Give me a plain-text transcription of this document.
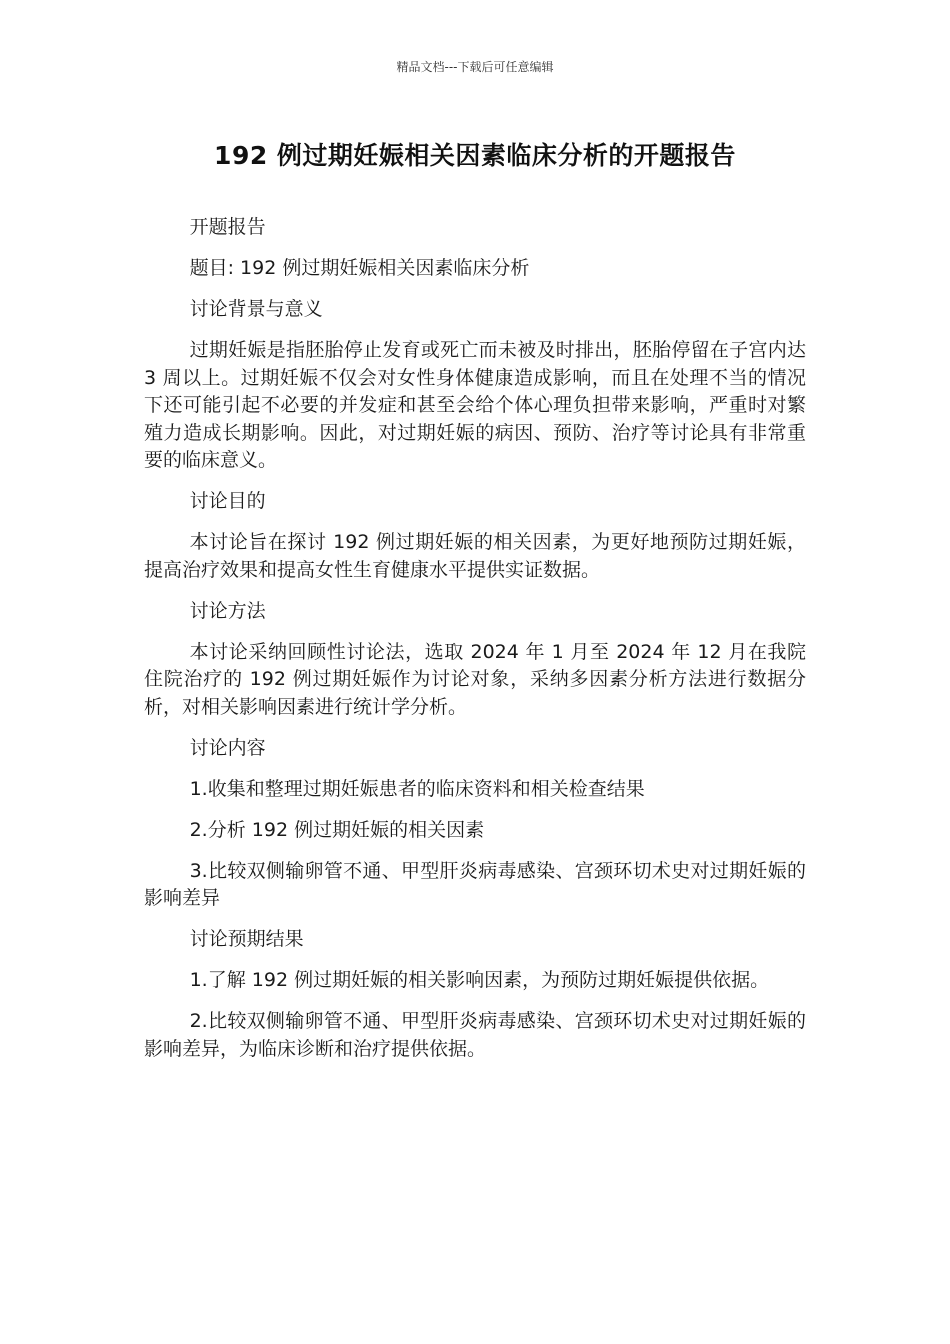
精品文档---下载后可任意编辑
192 例过期妊娠相关因素临床分析的开题报告

开题报告

题目: 192 例过期妊娠相关因素临床分析

讨论背景与意义

过期妊娠是指胚胎停止发育或死亡而未被及时排出，胚胎停留在子宫内达 3 周以上。过期妊娠不仅会对女性身体健康造成影响，而且在处理不当的情况下还可能引起不必要的并发症和甚至会给个体心理负担带来影响，严重时对繁殖力造成长期影响。因此，对过期妊娠的病因、预防、治疗等讨论具有非常重要的临床意义。

讨论目的

本讨论旨在探讨 192 例过期妊娠的相关因素，为更好地预防过期妊娠，提高治疗效果和提高女性生育健康水平提供实证数据。

讨论方法

本讨论采纳回顾性讨论法，选取 2024 年 1 月至 2024 年 12 月在我院住院治疗的 192 例过期妊娠作为讨论对象，采纳多因素分析方法进行数据分析，对相关影响因素进行统计学分析。

讨论内容

1.收集和整理过期妊娠患者的临床资料和相关检查结果

2.分析 192 例过期妊娠的相关因素

3.比较双侧输卵管不通、甲型肝炎病毒感染、宫颈环切术史对过期妊娠的影响差异

讨论预期结果

1.了解 192 例过期妊娠的相关影响因素，为预防过期妊娠提供依据。

2.比较双侧输卵管不通、甲型肝炎病毒感染、宫颈环切术史对过期妊娠的影响差异，为临床诊断和治疗提供依据。
